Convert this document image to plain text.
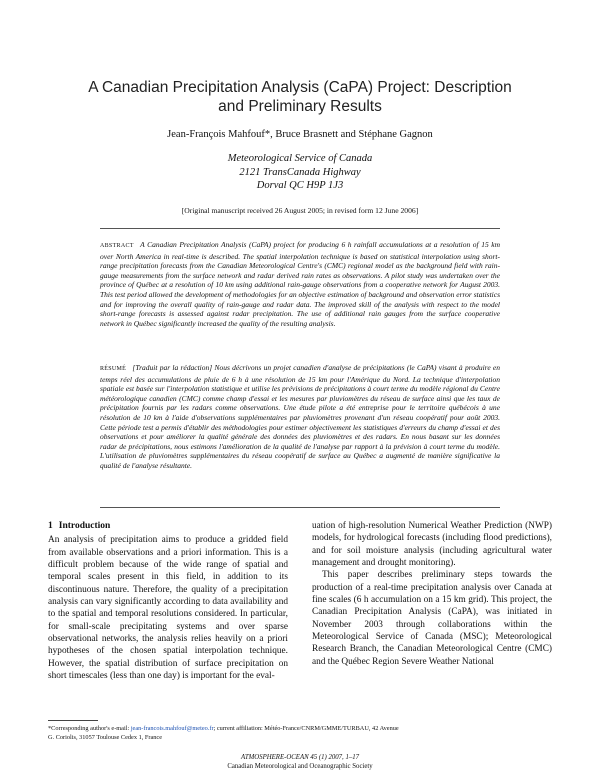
A Canadian Precipitation Analysis (CaPA) Project: Description
and Preliminary Results
Jean-François Mahfouf*, Bruce Brasnett and Stéphane Gagnon
Meteorological Service of Canada
2121 TransCanada Highway
Dorval QC H9P 1J3
[Original manuscript received 26 August 2005; in revised form 12 June 2006]
ABSTRACT A Canadian Precipitation Analysis (CaPA) project for producing 6 h rainfall accumulations at a resolution of 15 km over North America in real-time is described. The spatial interpolation technique is based on statistical interpolation using short-range precipitation forecasts from the Canadian Meteorological Centre's (CMC) regional model as the background field with rain-gauge measurements from the surface network and radar derived rain rates as observations. A pilot study was undertaken over the province of Québec at a resolution of 10 km using additional rain-gauge observations from a cooperative network for August 2003. This test period allowed the development of methodologies for an objective estimation of background and observation error statistics and for improving the overall quality of rain-gauge and radar data. The improved skill of the analysis with respect to the model short-range forecasts is assessed against radar precipitation. The use of additional rain gauges from the surface cooperative network in Québec significantly increased the quality of the resulting analysis.
RÉSUMÉ [Traduit par la rédaction] Nous décrivons un projet canadien d'analyse de précipitations (le CaPA) visant à produire en temps réel des accumulations de pluie de 6 h à une résolution de 15 km pour l'Amérique du Nord. La technique d'interpolation spatiale est basée sur l'interpolation statistique et utilise les prévisions de précipitations à court terme du modèle régional du Centre météorologique canadien (CMC) comme champ d'essai et les mesures par pluviomètres du réseau de surface ainsi que les taux de précipitation fournis par les radars comme observations. Une étude pilote a été entreprise pour le territoire québécois à une résolution de 10 km à l'aide d'observations supplémentaires par pluviomètres provenant d'un réseau coopératif pour août 2003. Cette période test a permis d'établir des méthodologies pour estimer objectivement les statistiques d'erreurs du champ d'essai et des observations et pour améliorer la qualité générale des données des pluviomètres et des radars. En nous basant sur les données radar de précipitations, nous estimons l'amélioration de la qualité de l'analyse par rapport à la prévision à court terme du modèle. L'utilisation de pluviomètres supplémentaires du réseau coopératif de surface au Québec a augmenté de manière significative la qualité de l'analyse résultante.
1 Introduction

An analysis of precipitation aims to produce a gridded field from available observations and a priori information. This is a difficult problem because of the wide range of spatial and temporal scales present in this field, in addition to its discontinuous nature. Therefore, the quality of a precipitation analysis can vary significantly according to data availability and to the spatial and temporal resolutions considered. In particular, for small-scale precipitating systems and over sparse observational networks, the analysis relies heavily on a priori hypotheses of the chosen spatial interpolation technique. However, the spatial distribution of surface precipitation on short timescales (less than one day) is important for the eval-

uation of high-resolution Numerical Weather Prediction (NWP) models, for hydrological forecasts (including flood predictions), and for soil moisture analysis (including agricultural water management and drought monitoring).

This paper describes preliminary steps towards the production of a real-time precipitation analysis over Canada at fine scales (6 h accumulation on a 15 km grid). This project, the Canadian Precipitation Analysis (CaPA), was initiated in November 2003 through collaborations within the Meteorological Service of Canada (MSC); Meteorological Research Branch, the Canadian Meteorological Centre (CMC) and the Québec Region Severe Weather National

*Corresponding author's e-mail: jean-francois.mahfouf@meteo.fr; current affiliation: Météo-France/CNRM/GMME/TURBAU, 42 Avenue
G. Coriolis, 31057 Toulouse Cedex 1, France
ATMOSPHERE-OCEAN 45 (1) 2007, 1–17
Canadian Meteorological and Oceanographic Society
